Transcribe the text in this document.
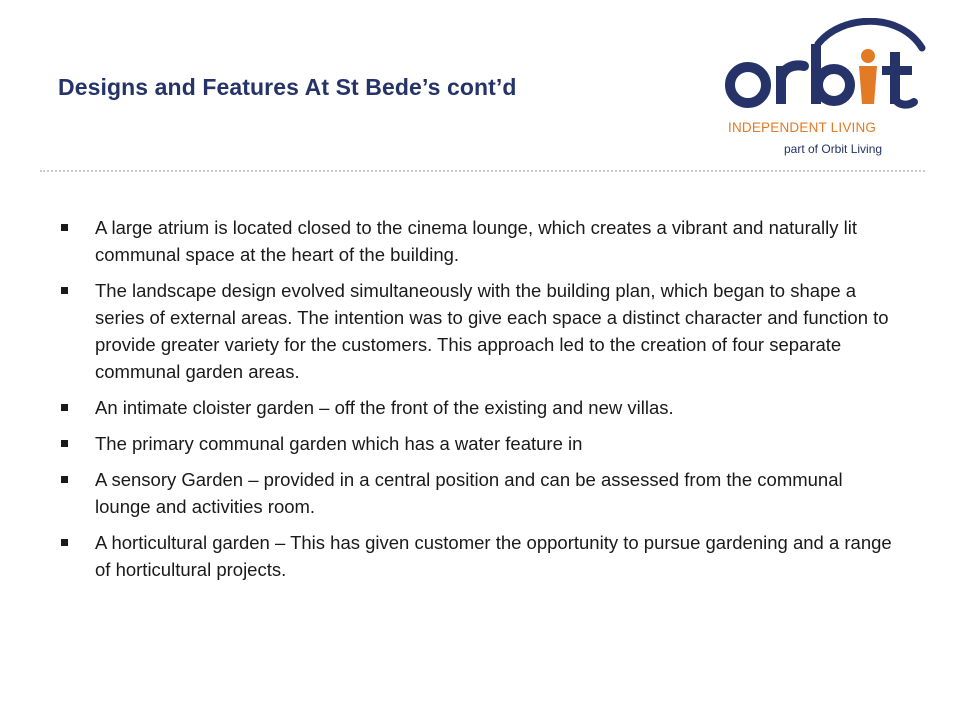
Designs and Features At St Bede’s cont’d
INDEPENDENT LIVING
part of Orbit Living
A large atrium is located closed to the cinema lounge, which creates a vibrant and naturally lit communal space at the heart of the building.
The landscape design evolved simultaneously with the building plan, which began to shape a series of external areas. The intention was to give each space a distinct character and function to provide greater variety for the customers. This approach led to the creation of four separate communal garden areas.
An intimate cloister garden – off the front of the existing and new villas.
The primary communal garden which has a water feature in
A sensory Garden – provided in a central position and can be assessed from the communal lounge and activities room.
A horticultural garden – This has given customer the opportunity to pursue gardening and a range of horticultural projects.
